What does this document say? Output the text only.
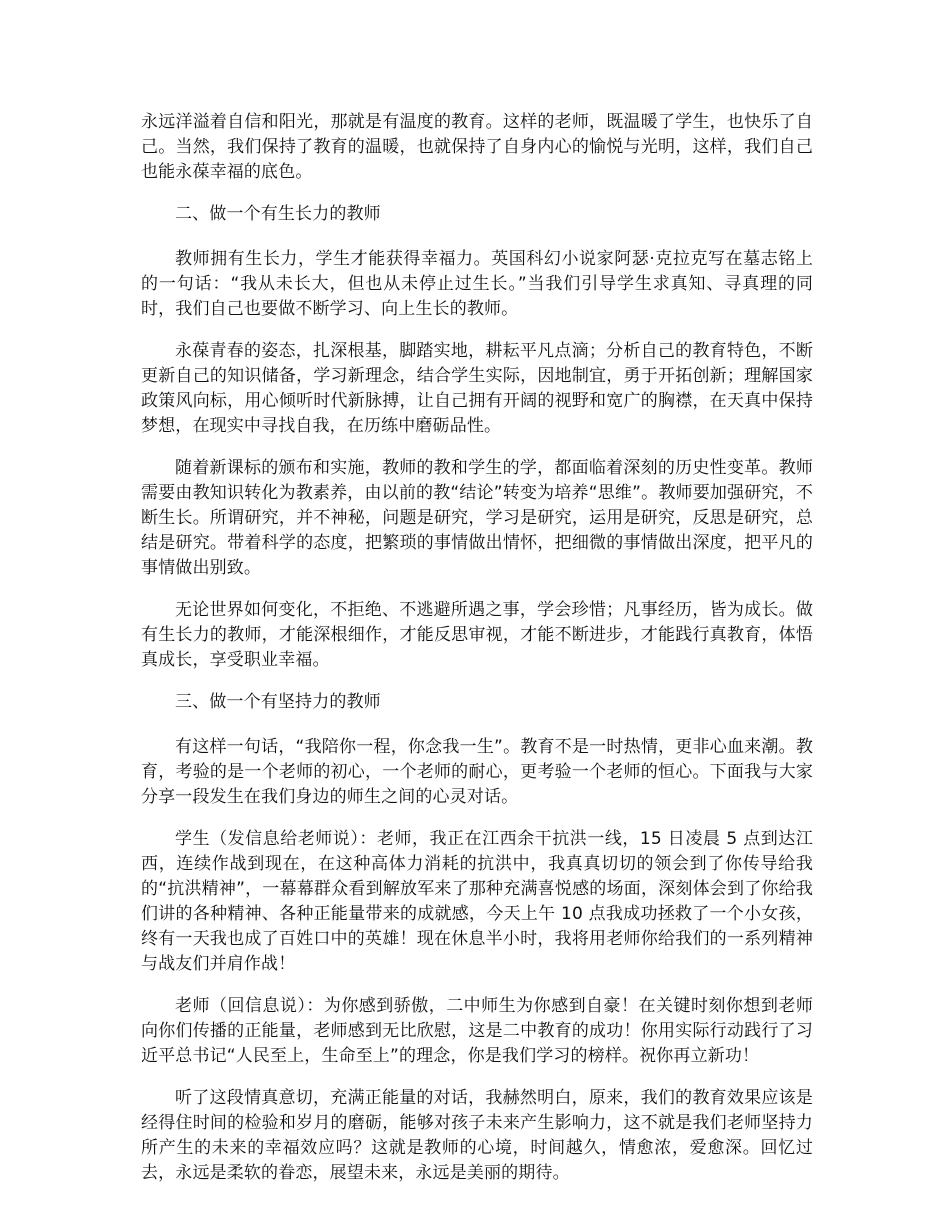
永远洋溢着自信和阳光，那就是有温度的教育。这样的老师，既温暖了学生，也快乐了自己。当然，我们保持了教育的温暖，也就保持了自身内心的愉悦与光明，这样，我们自己也能永葆幸福的底色。

二、做一个有生长力的教师

教师拥有生长力，学生才能获得幸福力。英国科幻小说家阿瑟·克拉克写在墓志铭上的一句话：“我从未长大，但也从未停止过生长。”当我们引导学生求真知、寻真理的同时，我们自己也要做不断学习、向上生长的教师。

永葆青春的姿态，扎深根基，脚踏实地，耕耘平凡点滴；分析自己的教育特色，不断更新自己的知识储备，学习新理念，结合学生实际，因地制宜，勇于开拓创新；理解国家政策风向标，用心倾听时代新脉搏，让自己拥有开阔的视野和宽广的胸襟，在天真中保持梦想，在现实中寻找自我，在历练中磨砺品性。

随着新课标的颁布和实施，教师的教和学生的学，都面临着深刻的历史性变革。教师需要由教知识转化为教素养，由以前的教“结论”转变为培养“思维”。教师要加强研究，不断生长。所谓研究，并不神秘，问题是研究，学习是研究，运用是研究，反思是研究，总结是研究。带着科学的态度，把繁琐的事情做出情怀，把细微的事情做出深度，把平凡的事情做出别致。

无论世界如何变化，不拒绝、不逃避所遇之事，学会珍惜；凡事经历，皆为成长。做有生长力的教师，才能深根细作，才能反思审视，才能不断进步，才能践行真教育，体悟真成长，享受职业幸福。

三、做一个有坚持力的教师

有这样一句话，“我陪你一程，你念我一生”。教育不是一时热情，更非心血来潮。教育，考验的是一个老师的初心，一个老师的耐心，更考验一个老师的恒心。下面我与大家分享一段发生在我们身边的师生之间的心灵对话。

学生（发信息给老师说）：老师，我正在江西余干抗洪一线，15 日凌晨 5 点到达江西，连续作战到现在，在这种高体力消耗的抗洪中，我真真切切的领会到了你传导给我的“抗洪精神”，一幕幕群众看到解放军来了那种充满喜悦感的场面，深刻体会到了你给我们讲的各种精神、各种正能量带来的成就感，今天上午 10 点我成功拯救了一个小女孩，终有一天我也成了百姓口中的英雄！现在休息半小时，我将用老师你给我们的一系列精神与战友们并肩作战！

老师（回信息说）：为你感到骄傲，二中师生为你感到自豪！在关键时刻你想到老师向你们传播的正能量，老师感到无比欣慰，这是二中教育的成功！你用实际行动践行了习近平总书记“人民至上，生命至上”的理念，你是我们学习的榜样。祝你再立新功！

听了这段情真意切，充满正能量的对话，我赫然明白，原来，我们的教育效果应该是经得住时间的检验和岁月的磨砺，能够对孩子未来产生影响力，这不就是我们老师坚持力所产生的未来的幸福效应吗？这就是教师的心境，时间越久，情愈浓，爱愈深。回忆过去，永远是柔软的眷恋，展望未来，永远是美丽的期待。
